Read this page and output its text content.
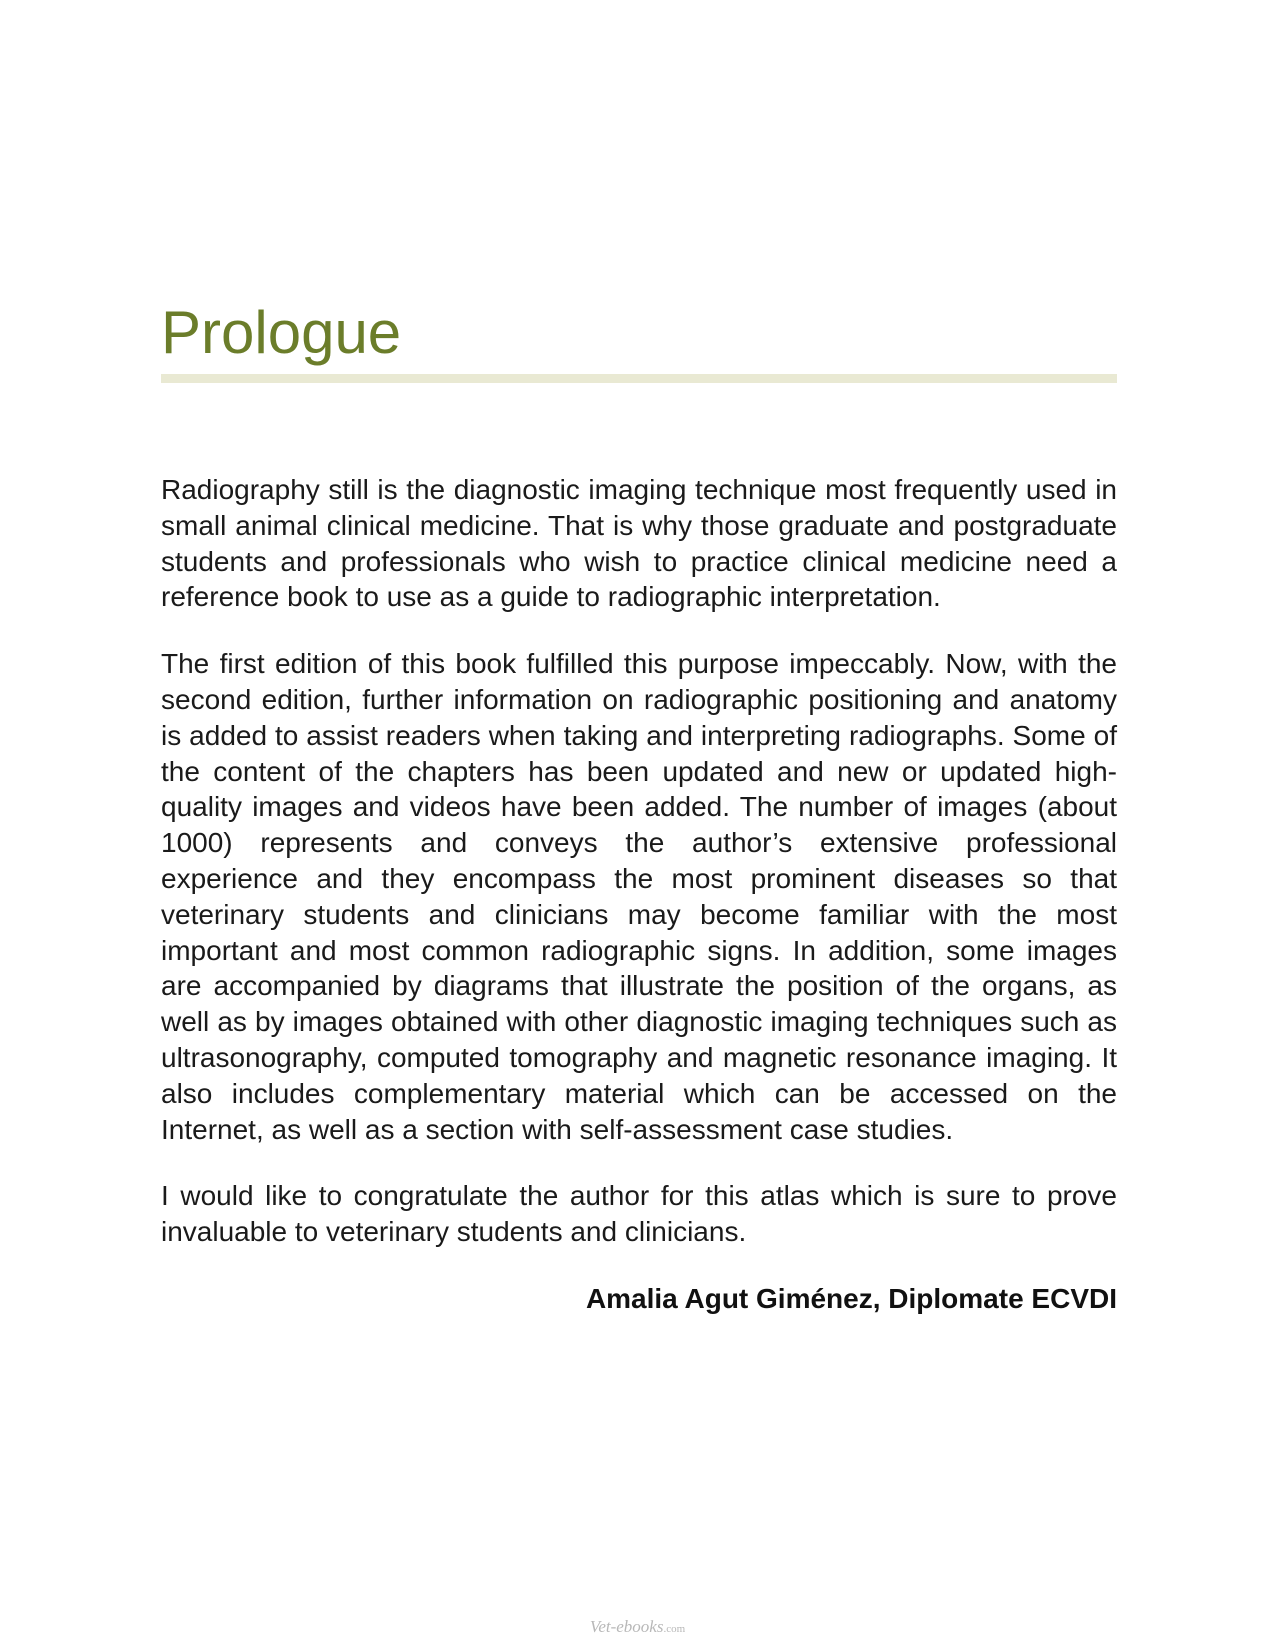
Prologue

Radiography still is the diagnostic imaging technique most frequently used in small animal clinical medicine. That is why those graduate and postgraduate students and professionals who wish to practice clinical medicine need a reference book to use as a guide to radiographic interpretation.

The first edition of this book fulfilled this purpose impeccably. Now, with the second edition, further information on radiographic positioning and anatomy is added to assist readers when taking and interpreting radiographs. Some of the content of the chapters has been updated and new or updated high-quality images and videos have been added. The number of images (about 1000) represents and conveys the author’s extensive professional experience and they encompass the most prominent diseases so that veterinary students and clinicians may become familiar with the most important and most common radiographic signs. In addition, some images are accompanied by diagrams that illustrate the position of the organs, as well as by images obtained with other diagnostic imaging techniques such as ultrasonography, computed tomography and magnetic resonance imaging. It also includes complementary material which can be accessed on the Internet, as well as a section with self-assessment case studies.

I would like to congratulate the author for this atlas which is sure to prove invaluable to veterinary students and clinicians.

Amalia Agut Giménez, Diplomate ECVDI

Vet-ebooks.com
